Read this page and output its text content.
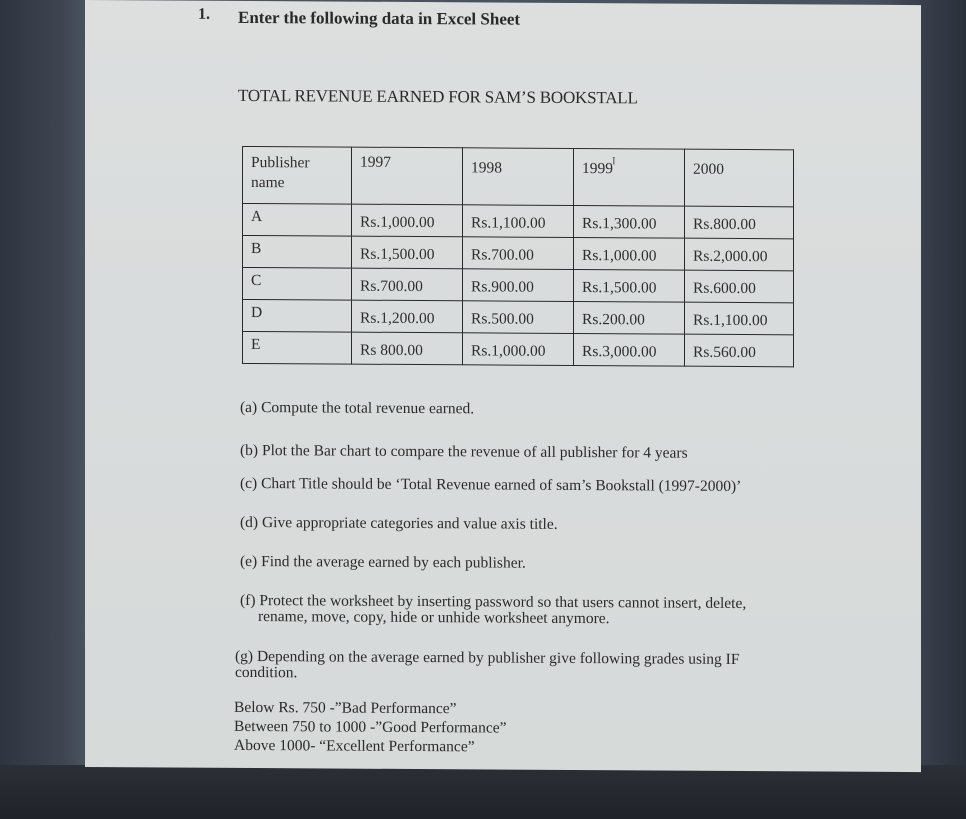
1. Enter the following data in Excel Sheet
TOTAL REVENUE EARNED FOR SAM’S BOOKSTALL
Publisher
name	1997	1998	$1999^I$	2000
A	Rs.1,000.00	Rs.1,100.00	Rs.1,300.00	Rs.800.00
B	Rs.1,500.00	Rs.700.00	Rs.1,000.00	Rs.2,000.00
C	Rs.700.00	Rs.900.00	Rs.1,500.00	Rs.600.00
D	Rs.1,200.00	Rs.500.00	Rs.200.00	Rs.1,100.00
E	Rs 800.00	Rs.1,000.00	Rs.3,000.00	Rs.560.00
(a) Compute the total revenue earned.
(b) Plot the Bar chart to compare the revenue of all publisher for 4 years
(c) Chart Title should be ‘Total Revenue earned of sam’s Bookstall (1997-2000)’
(d) Give appropriate categories and value axis title.
(e) Find the average earned by each publisher.
(f) Protect the worksheet by inserting password so that users cannot insert, delete,
rename, move, copy, hide or unhide worksheet anymore.
(g) Depending on the average earned by publisher give following grades using IF
condition.
Below Rs. 750 -”Bad Performance”
Between 750 to 1000 -”Good Performance”
Above 1000- “Excellent Performance”
